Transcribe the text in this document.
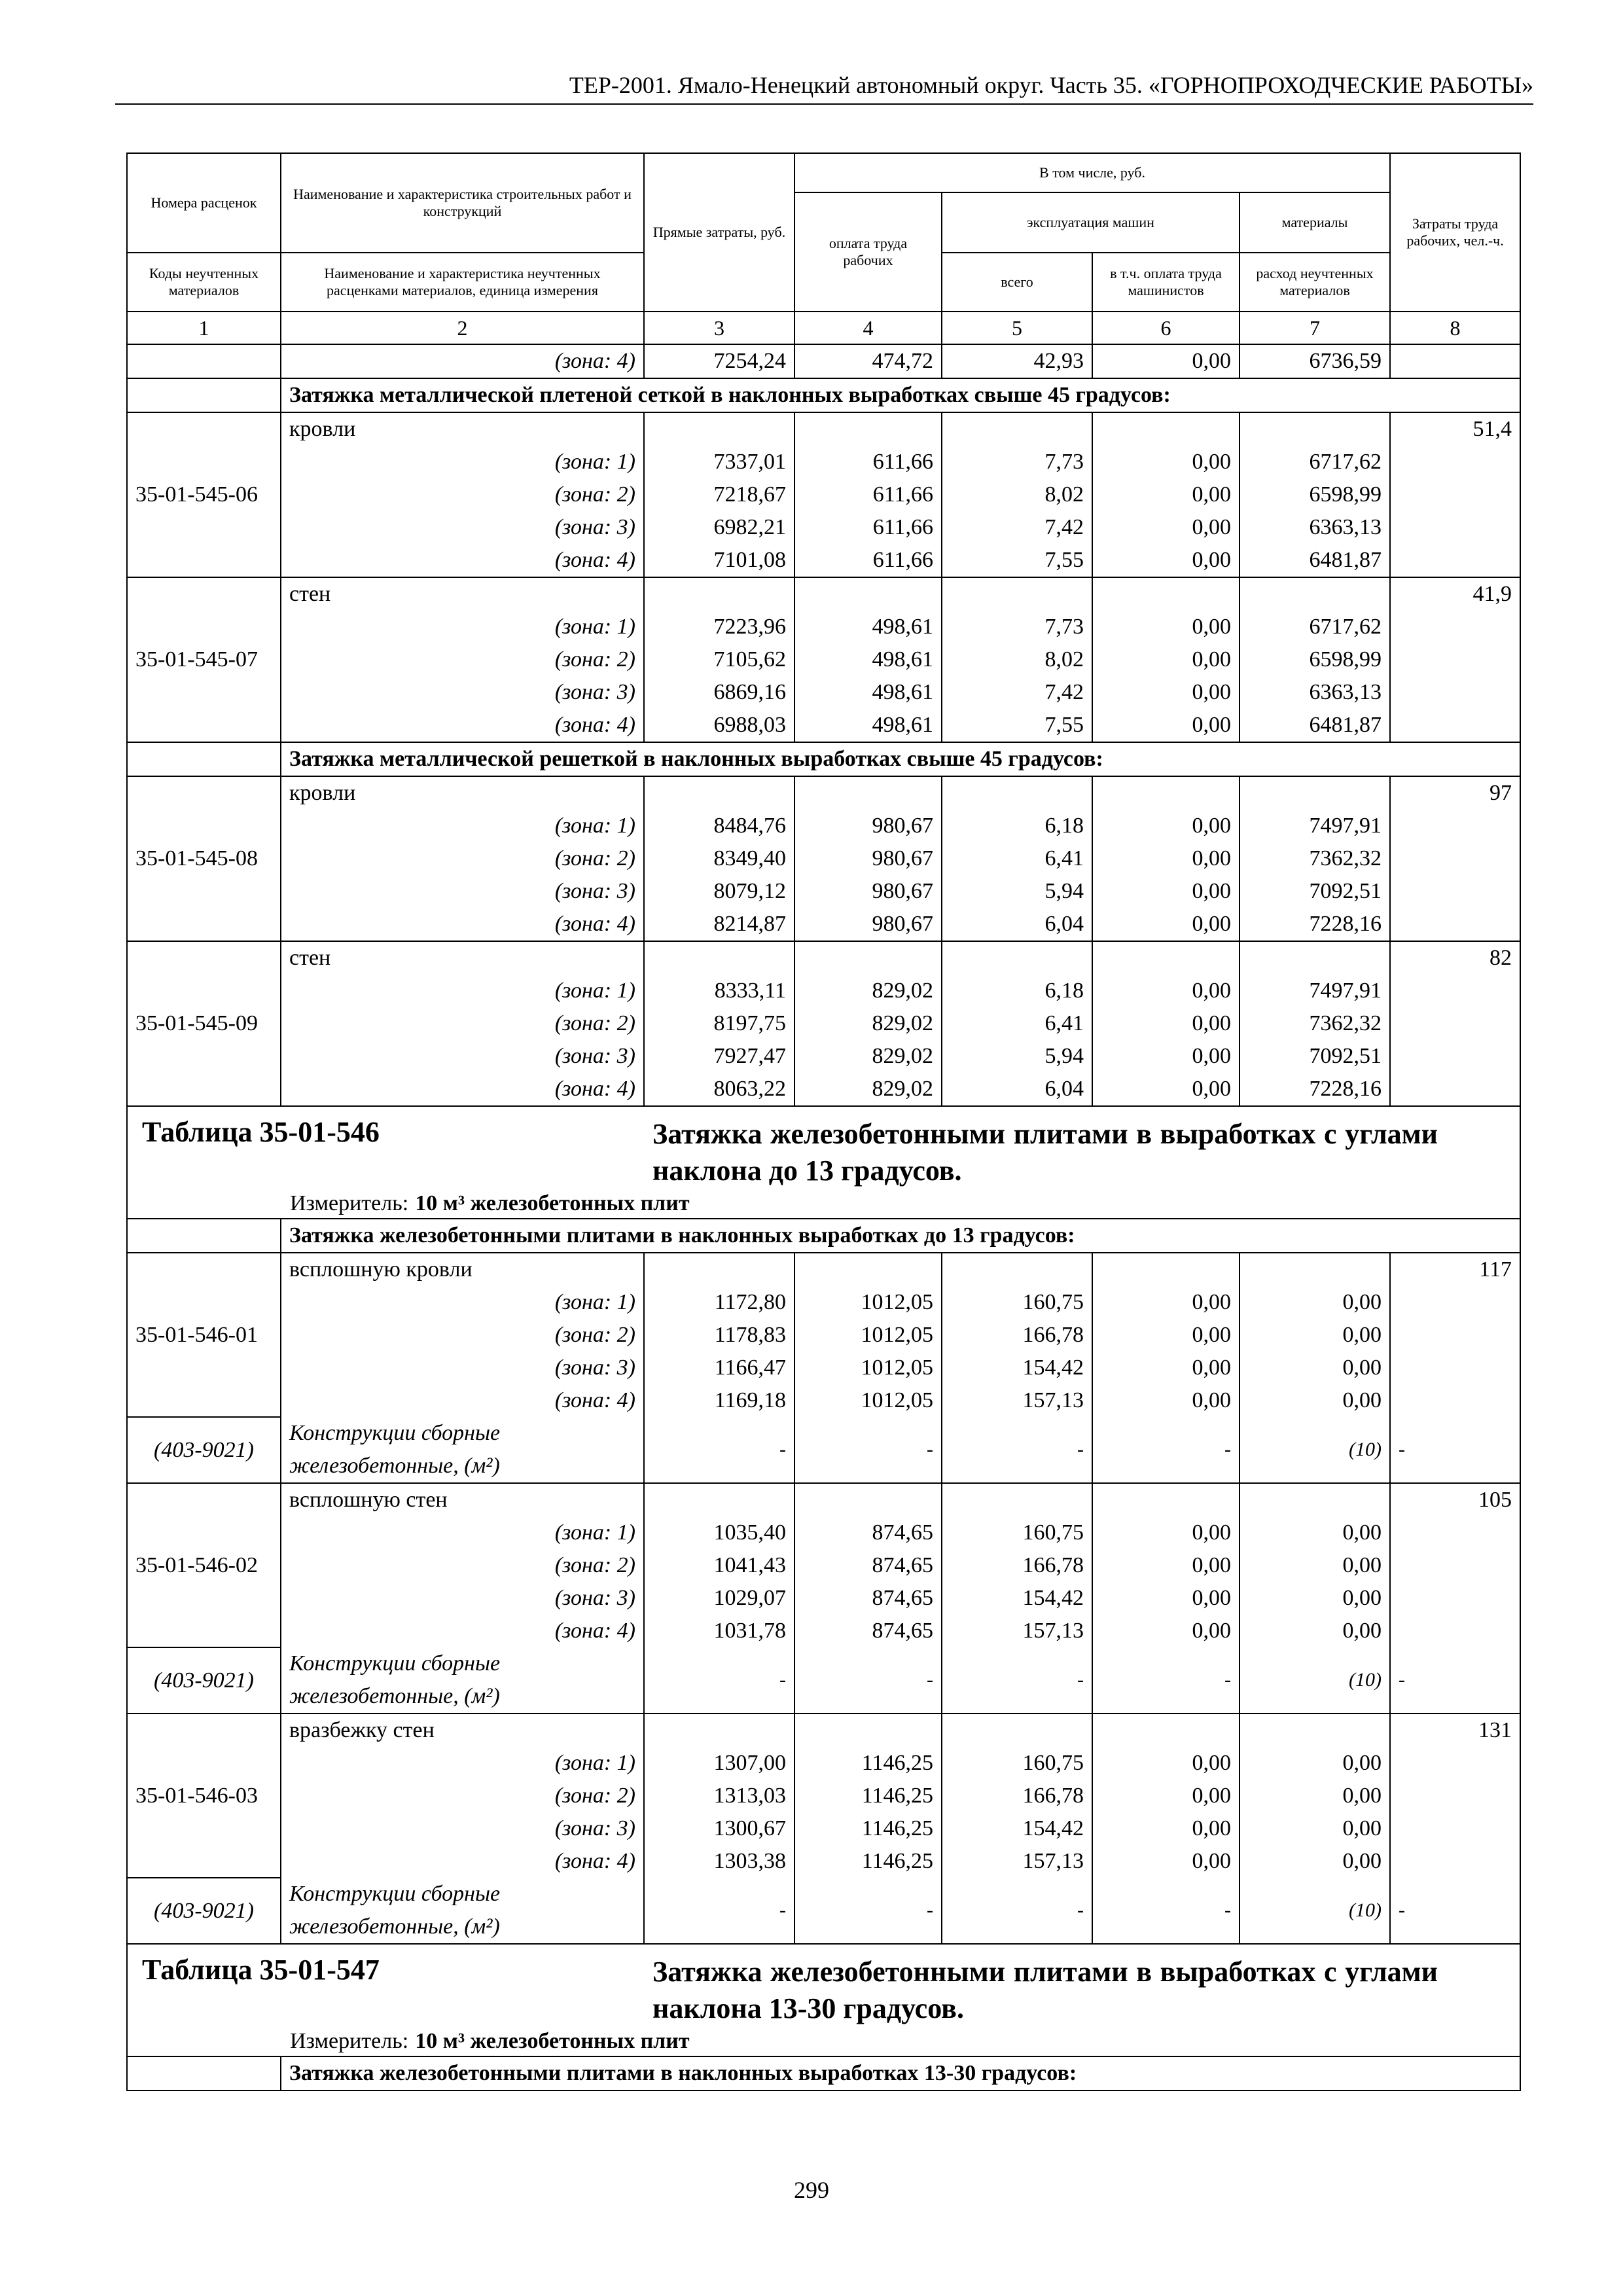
ТЕР-2001. Ямало-Ненецкий автономный округ. Часть 35. «ГОРНОПРОХОДЧЕСКИЕ РАБОТЫ»
Номера расценок	Наименование и характеристика строительных работ и конструкций	Прямые затраты, руб.	В том числе, руб.				Затраты труда рабочих, чел.-ч.
			оплата труда рабочих	эксплуатация машин		материалы	
Коды неучтенных материалов	Наименование и характеристика неучтенных расценками материалов, единица измерения			всего	в т.ч. оплата труда машинистов	расход неучтенных материалов	

1	2	3	4	5	6	7	8
	(зона: 4)	7254,24	474,72	42,93	0,00	6736,59	
	Затяжка металлической плетеной сеткой в наклонных выработках свыше 45 градусов:						
35-01-545-06	кровли						51,4
	(зона: 1)	7337,01	611,66	7,73	0,00	6717,62	
	(зона: 2)	7218,67	611,66	8,02	0,00	6598,99	
	(зона: 3)	6982,21	611,66	7,42	0,00	6363,13	
	(зона: 4)	7101,08	611,66	7,55	0,00	6481,87	
35-01-545-07	стен						41,9
	(зона: 1)	7223,96	498,61	7,73	0,00	6717,62	
	(зона: 2)	7105,62	498,61	8,02	0,00	6598,99	
	(зона: 3)	6869,16	498,61	7,42	0,00	6363,13	
	(зона: 4)	6988,03	498,61	7,55	0,00	6481,87	
	Затяжка металлической решеткой в наклонных выработках свыше 45 градусов:						
35-01-545-08	кровли						97
	(зона: 1)	8484,76	980,67	6,18	0,00	7497,91	
	(зона: 2)	8349,40	980,67	6,41	0,00	7362,32	
	(зона: 3)	8079,12	980,67	5,94	0,00	7092,51	
	(зона: 4)	8214,87	980,67	6,04	0,00	7228,16	
35-01-545-09	стен						82
	(зона: 1)	8333,11	829,02	6,18	0,00	7497,91	
	(зона: 2)	8197,75	829,02	6,41	0,00	7362,32	
	(зона: 3)	7927,47	829,02	5,94	0,00	7092,51	
	(зона: 4)	8063,22	829,02	6,04	0,00	7228,16	

Таблица 35-01-546 Затяжка железобетонными плитами в выработках с углами наклона до 13 градусов.
Измеритель: 10 м³ железобетонных плит							

	Затяжка железобетонными плитами в наклонных выработках до 13 градусов:						
35-01-546-01	всплошную кровли						117
	(зона: 1)	1172,80	1012,05	160,75	0,00	0,00	
	(зона: 2)	1178,83	1012,05	166,78	0,00	0,00	
	(зона: 3)	1166,47	1012,05	154,42	0,00	0,00	
	(зона: 4)	1169,18	1012,05	157,13	0,00	0,00	
(403-9021)	Конструкции сборные железобетонные, (м²)	-	-	-	-	(10)	-
35-01-546-02	всплошную стен						105
	(зона: 1)	1035,40	874,65	160,75	0,00	0,00	
	(зона: 2)	1041,43	874,65	166,78	0,00	0,00	
	(зона: 3)	1029,07	874,65	154,42	0,00	0,00	
	(зона: 4)	1031,78	874,65	157,13	0,00	0,00	
(403-9021)	Конструкции сборные железобетонные, (м²)	-	-	-	-	(10)	-
35-01-546-03	вразбежку стен						131
	(зона: 1)	1307,00	1146,25	160,75	0,00	0,00	
	(зона: 2)	1313,03	1146,25	166,78	0,00	0,00	
	(зона: 3)	1300,67	1146,25	154,42	0,00	0,00	
	(зона: 4)	1303,38	1146,25	157,13	0,00	0,00	
(403-9021)	Конструкции сборные железобетонные, (м²)	-	-	-	-	(10)	-

Таблица 35-01-547 Затяжка железобетонными плитами в выработках с углами наклона 13-30 градусов.
Измеритель: 10 м³ железобетонных плит							

	Затяжка железобетонными плитами в наклонных выработках 13-30 градусов:						
299
